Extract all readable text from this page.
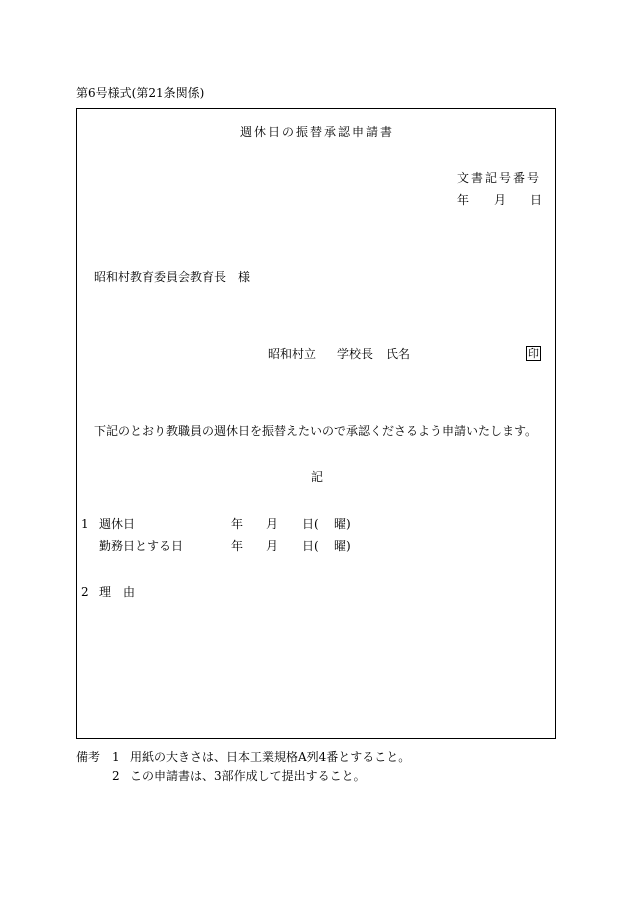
第6号様式(第21条関係)
週休日の振替承認申請書
文書記号番号
年 月 日
昭和村教育委員会教育長　様
昭和村立 学校長 氏名	印
下記のとおり教職員の週休日を振替えたいので承認くださるよう申請いたします。
記
1 週休日	年 月 日( 曜)
勤務日とする日	年 月 日( 曜)
2 理　由
備考 1 用紙の大きさは、日本工業規格A列4番とすること。
2 この申請書は、3部作成して提出すること。
